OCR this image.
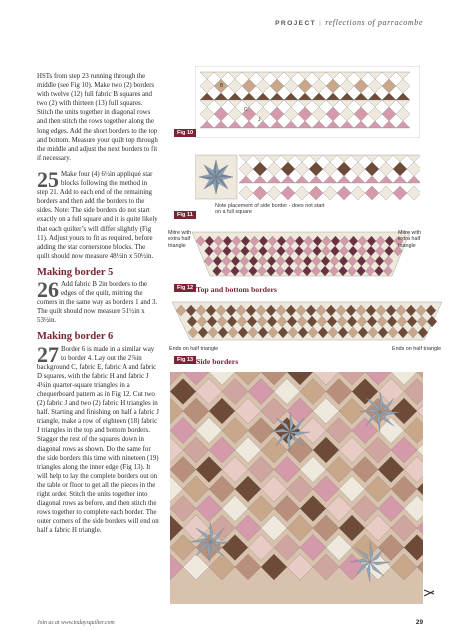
PROJECT | reflections of parracombe

HSTs from step 23 running through the middle (see Fig 10). Make two (2) borders with twelve (12) full fabric B squares and two (2) with thirteen (13) full squares. Stitch the units together in diagonal rows and then stitch the rows together along the long edges. Add the short borders to the top and bottom. Measure your quilt top through the middle and adjust the next borders to fit if necessary.

25 Make four (4) 6½in appliqué star blocks following the method in step 21. Add to each end of the remaining borders and then add the borders to the sides. Note: The side borders do not start exactly on a full square and it is quite likely that each quilter’s will differ slightly (Fig 11). Adjust yours to fit as required, before adding the star cornerstone blocks. The quilt should now measure 48½in x 50½in.
Making border 5
26 Add fabric B 2in borders to the edges of the quilt, mitring the corners in the same way as borders 1 and 3. The quilt should now measure 51½in x 53½in.
Making border 6
27 Border 6 is made in a similar way to border 4. Lay out the 2⅞in background C, fabric E, fabric A and fabric D squares, with the fabric H and fabric J 4¼in quarter-square triangles in a chequerboard pattern as in Fig 12. Cut two (2) fabric J and two (2) fabric H triangles in half. Starting and finishing on half a fabric J triangle, make a row of eighteen (18) fabric J triangles in the top and bottom borders. Stagger the rest of the squares down in diagonal rows as shown. Do the same for the side borders this time with nineteen (19) triangles along the inner edge (Fig 13). It will help to lay the complete borders out on the table or floor to get all the pieces in the right order. Stitch the units together into diagonal rows as before, and then stitch the rows together to complete each border. The outer corners of the side borders will end on half a fabric H triangle.
B
C
J
Fig 10
Fig 11
Note placement of side border - does not start on a full square
Mitre with extra half triangle
Mitre with extra half triangle
Fig 12 Top and bottom borders
Ends on half triangle	Ends on half triangle
Fig 13 Side borders
Join us at www.todaysquilter.com	29
